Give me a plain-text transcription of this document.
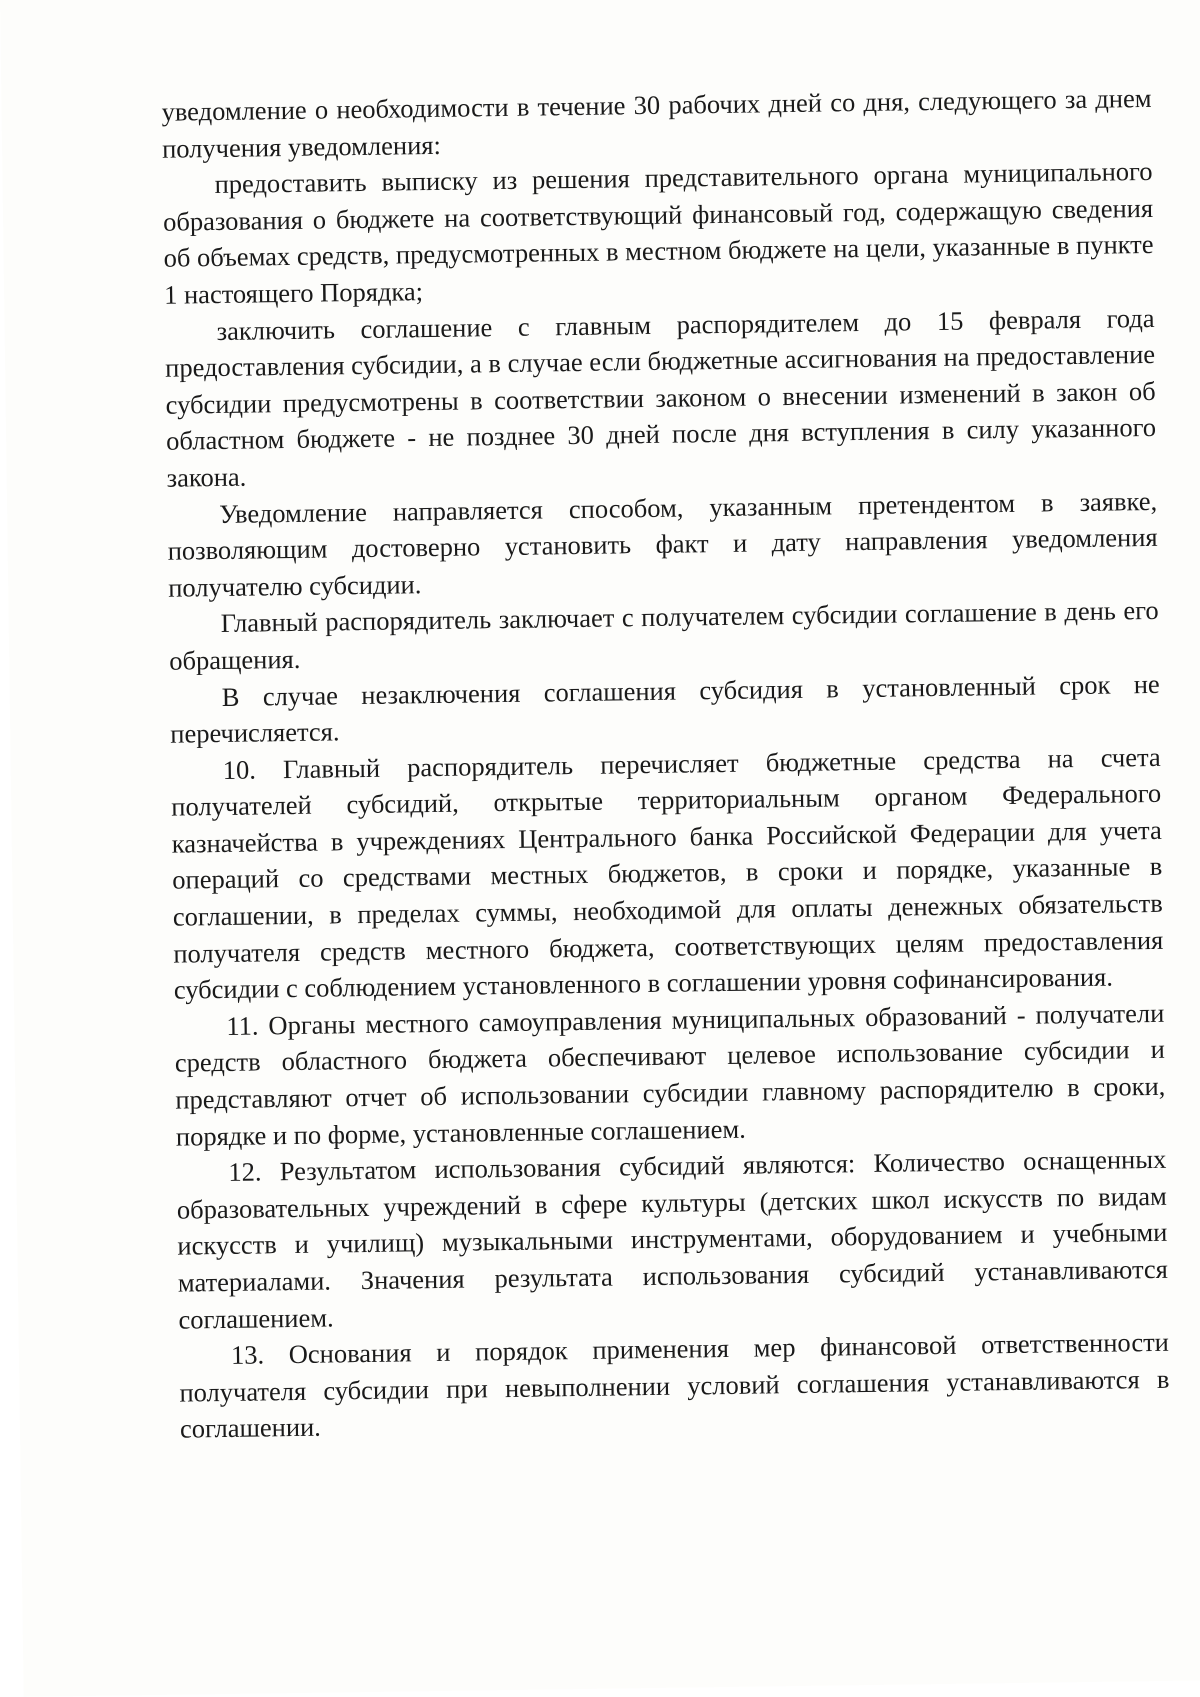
уведомление о необходимости в течение 30 рабочих дней со дня, следующего за днем получения уведомления:

предоставить выписку из решения представительного органа муниципального образования о бюджете на соответствующий финансовый год, содержащую сведения об объемах средств, предусмотренных в местном бюджете на цели, указанные в пункте 1 настоящего Порядка;

заключить соглашение с главным распорядителем до 15 февраля года предоставления субсидии, а в случае если бюджетные ассигнования на предоставление субсидии предусмотрены в соответствии законом о внесении изменений в закон об областном бюджете - не позднее 30 дней после дня вступления в силу указанного закона.

Уведомление направляется способом, указанным претендентом в заявке, позволяющим достоверно установить факт и дату направления уведомления получателю субсидии.

Главный распорядитель заключает с получателем субсидии соглашение в день его обращения.

В случае незаключения соглашения субсидия в установленный срок не перечисляется.

10. Главный распорядитель перечисляет бюджетные средства на счета получателей субсидий, открытые территориальным органом Федерального казначейства в учреждениях Центрального банка Российской Федерации для учета операций со средствами местных бюджетов, в сроки и порядке, указанные в соглашении, в пределах суммы, необходимой для оплаты денежных обязательств получателя средств местного бюджета, соответствующих целям предоставления субсидии с соблюдением установленного в соглашении уровня софинансирования.

11. Органы местного самоуправления муниципальных образований - получатели средств областного бюджета обеспечивают целевое использование субсидии и представляют отчет об использовании субсидии главному распорядителю в сроки, порядке и по форме, установленные соглашением.

12. Результатом использования субсидий являются: Количество оснащенных образовательных учреждений в сфере культуры (детских школ искусств по видам искусств и училищ) музыкальными инструментами, оборудованием и учебными материалами. Значения результата использования субсидий устанавливаются соглашением.

13. Основания и порядок применения мер финансовой ответственности получателя субсидии при невыполнении условий соглашения устанавливаются в соглашении.
